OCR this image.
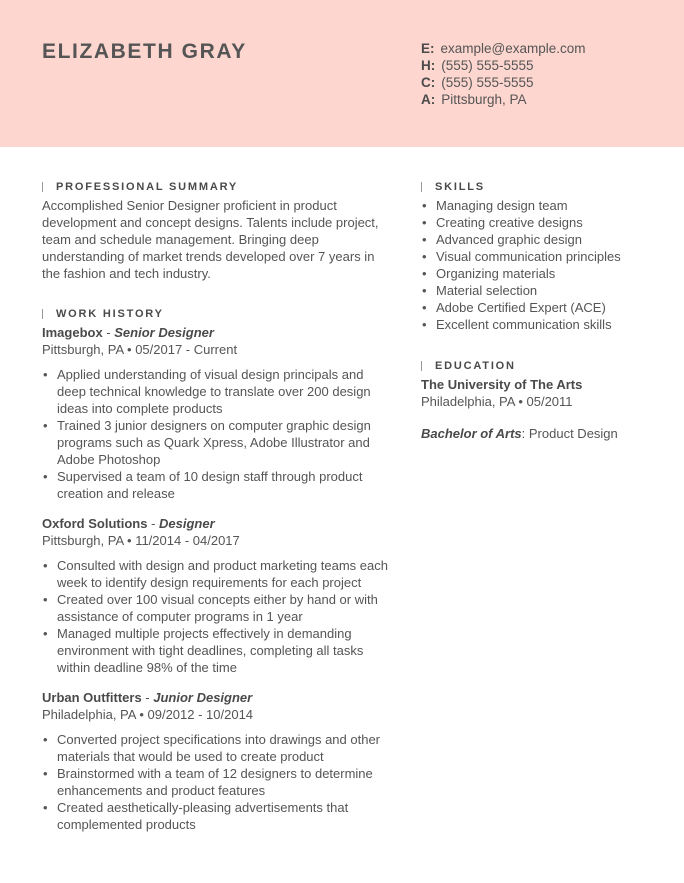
ELIZABETH GRAY	E: example@example.com
H: (555) 555-5555
C: (555) 555-5555
A: Pittsburgh, PA
PROFESSIONAL SUMMARY
Accomplished Senior Designer proficient in product development and concept designs. Talents include project, team and schedule management. Bringing deep understanding of market trends developed over 7 years in the fashion and tech industry.
WORK HISTORY
Imagebox - Senior Designer
Pittsburgh, PA • 05/2017 - Current
• Applied understanding of visual design principals and deep technical knowledge to translate over 200 design ideas into complete products
• Trained 3 junior designers on computer graphic design programs such as Quark Xpress, Adobe Illustrator and Adobe Photoshop
• Supervised a team of 10 design staff through product creation and release
Oxford Solutions - Designer
Pittsburgh, PA • 11/2014 - 04/2017
• Consulted with design and product marketing teams each week to identify design requirements for each project
• Created over 100 visual concepts either by hand or with assistance of computer programs in 1 year
• Managed multiple projects effectively in demanding environment with tight deadlines, completing all tasks within deadline 98% of the time
Urban Outfitters - Junior Designer
Philadelphia, PA • 09/2012 - 10/2014
• Converted project specifications into drawings and other materials that would be used to create product
• Brainstormed with a team of 12 designers to determine enhancements and product features
• Created aesthetically-pleasing advertisements that complemented products
SKILLS
• Managing design team
• Creating creative designs
• Advanced graphic design
• Visual communication principles
• Organizing materials
• Material selection
• Adobe Certified Expert (ACE)
• Excellent communication skills
EDUCATION
The University of The Arts
Philadelphia, PA • 05/2011
Bachelor of Arts: Product Design
